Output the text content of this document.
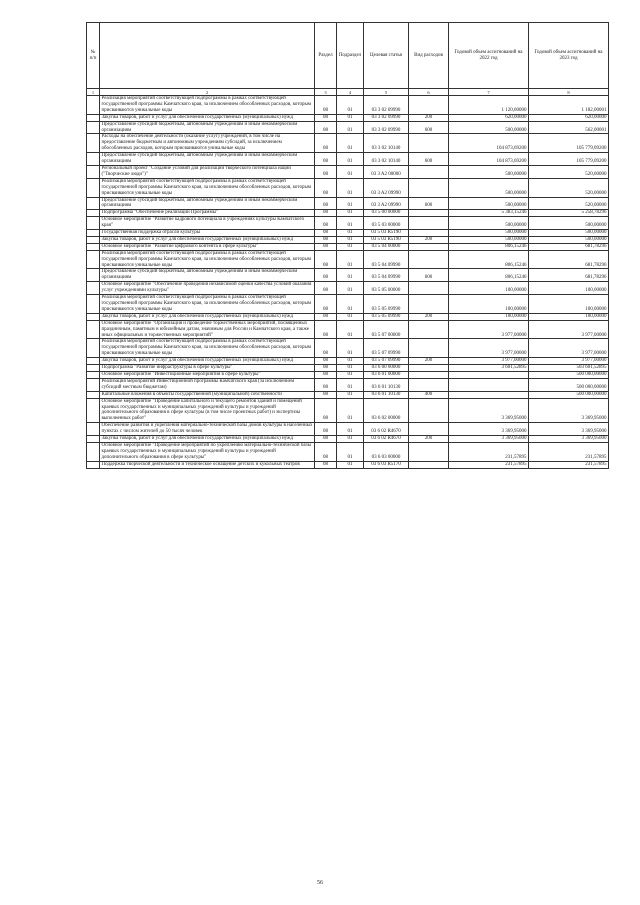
№ п/п		Раздел	Подраздел	Целевая статья	Вид расходов	Годовой объем ассигнований на 2022 год	Годовой объем ассигнований на 2023 год
1	2	3	4	5	6	7	8
	Реализация мероприятий соответствующей подпрограммы в рамках соответствующей государственной программы Камчатского края, за исключением обособленных расходов, которым присваиваются уникальные коды	08	01	03 3 02 09990		1 120,00000	1 182,00001
	Закупка товаров, работ и услуг для обеспечения государственных (муниципальных) нужд	08	01	03 3 02 09990	200	620,00000	620,00000
	Предоставление субсидий бюджетным, автономным учреждениям и иным некоммерческим организациям	08	01	03 3 02 09990	600	500,00000	562,00001
	Расходы на обеспечение деятельности (оказание услуг) учреждений, в том числе на предоставление бюджетным и автономным учреждениям субсидий, за исключением обособленных расходов, которым присваиваются уникальные коды	08	01	03 3 02 10140		104 873,69200	105 779,09200
	Предоставление субсидий бюджетным, автономным учреждениям и иным некоммерческим организациям	08	01	03 3 02 10140	600	104 873,69200	105 779,09200
	Региональный проект "Создание условий для реализации творческого потенциала нации ("Творческие люди")"	08	01	03 3 A2 00000		500,00000	520,00000
	Реализация мероприятий соответствующей подпрограммы в рамках соответствующей государственной программы Камчатского края, за исключением обособленных расходов, которым присваиваются уникальные коды	08	01	03 3 A2 09990		500,00000	520,00000
	Предоставление субсидий бюджетным, автономным учреждениям и иным некоммерческим организациям	08	01	03 3 A2 09990	600	500,00000	520,00000
	Подпрограмма "Обеспечение реализации Программы"	08	01	03 5 00 00000		5 383,15246	5 258,78296
	Основное мероприятие "Развитие кадрового потенциала в учреждениях культуры Камчатского края"	08	01	03 5 03 00000		500,00000	500,00000
	Государственная поддержка отрасли культуры	08	01	03 5 03 R5190		500,00000	500,00000
	Закупка товаров, работ и услуг для обеспечения государственных (муниципальных) нужд	08	01	03 5 03 R5190	200	500,00000	500,00000
	Основное мероприятие "Развитие цифрового контента в сфере культуры"	08	01	03 5 04 00000		806,15246	681,78296
	Реализация мероприятий соответствующей подпрограммы в рамках соответствующей государственной программы Камчатского края, за исключением обособленных расходов, которым присваиваются уникальные коды	08	01	03 5 04 09990		806,15246	681,78296
	Предоставление субсидий бюджетным, автономным учреждениям и иным некоммерческим организациям	08	01	03 5 04 09990	600	806,15246	681,78296
	Основное мероприятие "Обеспечение проведения независимой оценки качества условий оказания услуг учреждениями культуры"	08	01	03 5 05 00000		100,00000	100,00000
	Реализация мероприятий соответствующей подпрограммы в рамках соответствующей государственной программы Камчатского края, за исключением обособленных расходов, которым присваиваются уникальные коды	08	01	03 5 05 09990		100,00000	100,00000
	Закупка товаров, работ и услуг для обеспечения государственных (муниципальных) нужд	08	01	03 5 05 09990	200	100,00000	100,00000
	Основное мероприятие "Организация и проведение торжественных мероприятий, посвященных праздничным, памятным и юбилейным датам, значимым для России и Камчатского края, а также иных официальных и торжественных мероприятий"	08	01	03 5 07 00000		3 977,00000	3 977,00000
	Реализация мероприятий соответствующей подпрограммы в рамках соответствующей государственной программы Камчатского края, за исключением обособленных расходов, которым присваиваются уникальные коды	08	01	03 5 07 09990		3 977,00000	3 977,00000
	Закупка товаров, работ и услуг для обеспечения государственных (муниципальных) нужд	08	01	03 5 07 09990	200	3 977,00000	3 977,00000
	Подпрограмма "Развитие инфраструктуры в сфере культуры"	08	01	03 6 00 00000		3 601,52895	503 601,52895
	Основное мероприятие "Инвестиционные мероприятия в сфере культуры"	08	01	03 6 01 00000			500 000,00000
	Реализация мероприятий Инвестиционной программы Камчатского края (за исключением субсидий местным бюджетам)	08	01	03 6 01 10130			500 000,00000
	Капитальные вложения в объекты государственной (муниципальной) собственности	08	01	03 6 01 10130	400		500 000,00000
	Основное мероприятие "Проведение капитального и текущего ремонтов зданий и помещений краевых государственных и муниципальных учреждений культуры и учреждений дополнительного образования в сфере культуры (в том числе проектных работ) и экспертизы выполненных работ"	08	01	03 6 02 00000		3 369,95000	3 369,95000
	Обеспечение развития и укрепления материально-технической базы домов культуры в населенных пунктах с числом жителей до 50 тысяч человек	08	01	03 6 02 R4670		3 369,95000	3 369,95000
	Закупка товаров, работ и услуг для обеспечения государственных (муниципальных) нужд	08	01	03 6 02 R4670	200	3 369,95000	3 369,95000
	Основное мероприятие "Проведение мероприятий по укреплению материально-технической базы краевых государственных и муниципальных учреждений культуры и учреждений дополнительного образования в сфере культуры"	08	01	03 6 03 00000		231,57895	231,57895
	Поддержка творческой деятельности и техническое оснащение детских и кукольных театров	08	01	03 6 03 R5170		231,57895	231,57895
56
